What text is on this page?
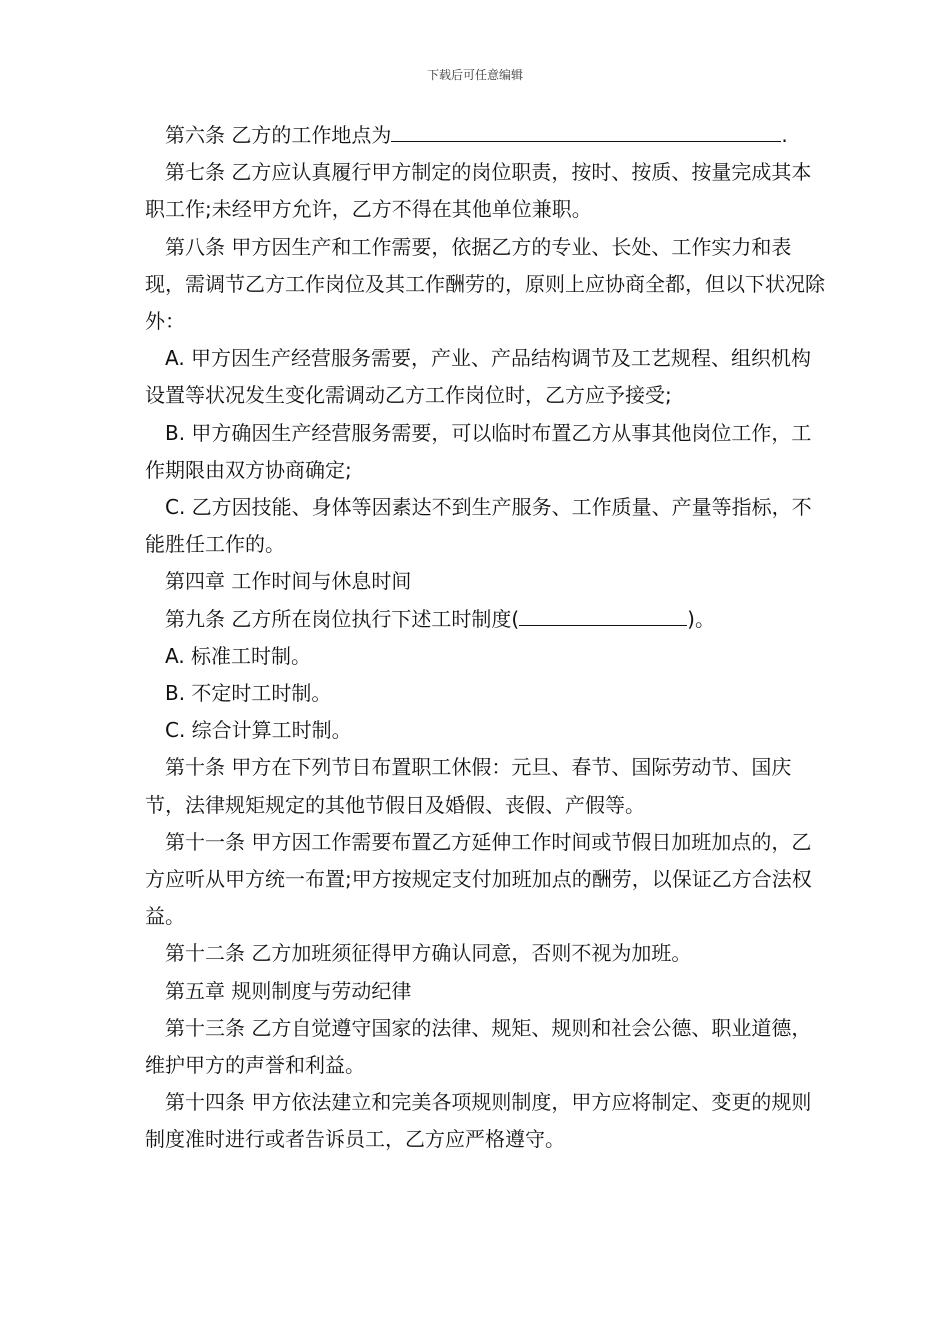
下载后可任意编辑

第六条 乙方的工作地点为	.

第七条 乙方应认真履行甲方制定的岗位职责，按时、按质、按量完成其本职工作;未经甲方允许，乙方不得在其他单位兼职。

第八条 甲方因生产和工作需要，依据乙方的专业、长处、工作实力和表现，需调节乙方工作岗位及其工作酬劳的，原则上应协商全都，但以下状况除外：

A. 甲方因生产经营服务需要，产业、产品结构调节及工艺规程、组织机构设置等状况发生变化需调动乙方工作岗位时，乙方应予接受;

B. 甲方确因生产经营服务需要，可以临时布置乙方从事其他岗位工作，工作期限由双方协商确定;

C. 乙方因技能、身体等因素达不到生产服务、工作质量、产量等指标，不能胜任工作的。

第四章 工作时间与休息时间

第九条 乙方所在岗位执行下述工时制度(	)。

A. 标准工时制。

B. 不定时工时制。

C. 综合计算工时制。

第十条 甲方在下列节日布置职工休假：元旦、春节、国际劳动节、国庆节，法律规矩规定的其他节假日及婚假、丧假、产假等。

第十一条 甲方因工作需要布置乙方延伸工作时间或节假日加班加点的，乙方应听从甲方统一布置;甲方按规定支付加班加点的酬劳，以保证乙方合法权益。

第十二条 乙方加班须征得甲方确认同意，否则不视为加班。

第五章 规则制度与劳动纪律

第十三条 乙方自觉遵守国家的法律、规矩、规则和社会公德、职业道德，维护甲方的声誉和利益。

第十四条 甲方依法建立和完美各项规则制度，甲方应将制定、变更的规则制度准时进行或者告诉员工，乙方应严格遵守。
